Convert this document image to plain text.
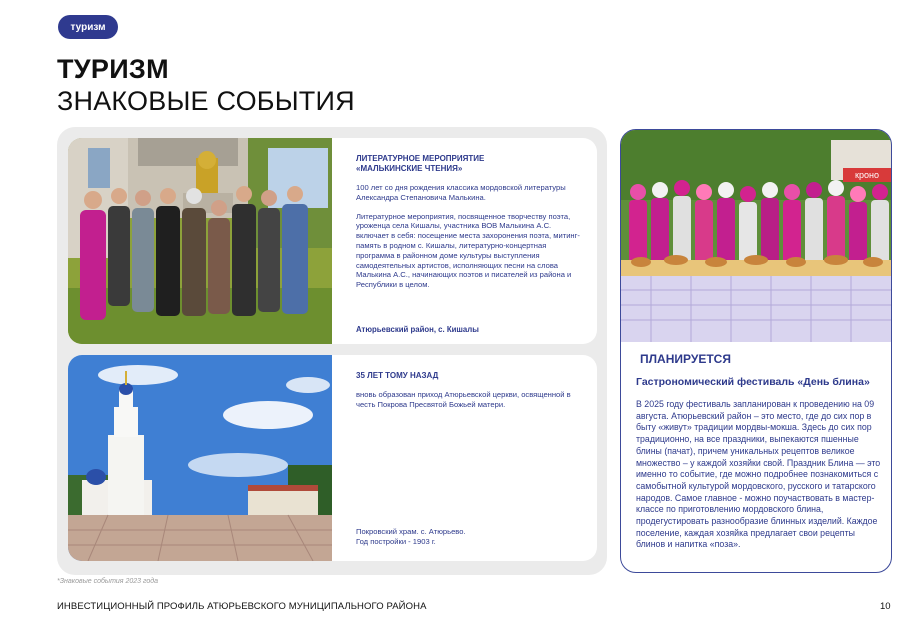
туризм
ТУРИЗМ
ЗНАКОВЫЕ СОБЫТИЯ
ЛИТЕРАТУРНОЕ МЕРОПРИЯТИЕ
«МАЛЬКИНСКИЕ ЧТЕНИЯ»
100 лет со дня рождения классика мордовской литературы Александра Степановича Малькина.
Литературное мероприятия, посвященное творчеству поэта, уроженца села Кишалы, участника ВОВ Малькина А.С. включает в себя: посещение места захоронения поэта, митинг-память в родном с. Кишалы, литературно-концертная программа в районном доме культуры выступления самодеятельных артистов, исполняющих песни на слова Малькина А.С., начинающих поэтов и писателей из района и Республики в целом.
Атюрьевский район, с. Кишалы
35 ЛЕТ ТОМУ НАЗАД
вновь образован приход Атюрьевской церкви, освященной в честь Покрова Пресвятой Божьей матери.
Покровский храм. с. Атюрьево.
Год постройки - 1903 г.
кроно
ПЛАНИРУЕТСЯ
Гастрономический фестиваль «День блина»
В 2025 году фестиваль запланирован к проведению на 09 августа. Атюрьевский район – это место, где до сих пор в быту «живут» традиции мордвы-мокша. Здесь до сих пор традиционно, на все праздники, выпекаются пшенные блины (пачат), причем уникальных рецептов великое множество – у каждой хозяйки свой. Праздник Блина — это именно то событие, где можно подробнее познакомиться с самобытной культурой мордовского, русского и татарского народов. Самое главное - можно поучаствовать в мастер-классе по приготовлению мордовского блина, продегустировать разнообразие блинных изделий. Каждое поселение, каждая хозяйка предлагает свои рецепты блинов и напитка «поза».
*Знаковые события 2023 года
ИНВЕСТИЦИОННЫЙ ПРОФИЛЬ АТЮРЬЕВСКОГО МУНИЦИПАЛЬНОГО РАЙОНА	10
